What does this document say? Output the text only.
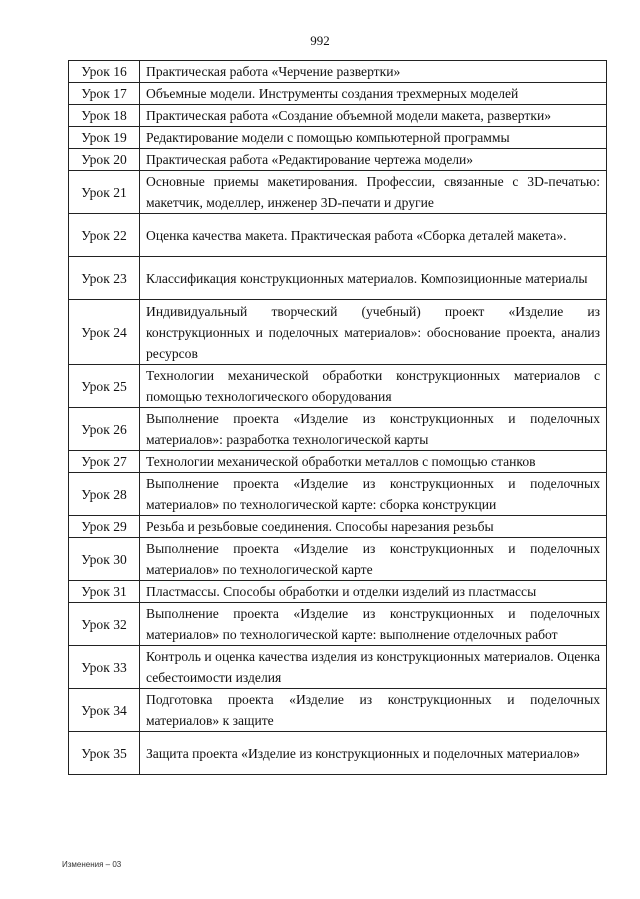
992
Урок 16	Практическая работа «Черчение развертки»
Урок 17	Объемные модели. Инструменты создания трехмерных моделей
Урок 18	Практическая работа «Создание объемной модели макета, развертки»
Урок 19	Редактирование модели с помощью компьютерной программы
Урок 20	Практическая работа «Редактирование чертежа модели»
Урок 21	Основные приемы макетирования. Профессии, связанные с 3D-печатью: макетчик, моделлер, инженер 3D-печати и другие
Урок 22	Оценка качества макета. Практическая работа «Сборка деталей макета».
Урок 23	Классификация конструкционных материалов. Композиционные материалы
Урок 24	Индивидуальный творческий (учебный) проект «Изделие из конструкционных и поделочных материалов»: обоснование проекта, анализ ресурсов
Урок 25	Технологии механической обработки конструкционных материалов с помощью технологического оборудования
Урок 26	Выполнение проекта «Изделие из конструкционных и поделочных материалов»: разработка технологической карты
Урок 27	Технологии механической обработки металлов с помощью станков
Урок 28	Выполнение проекта «Изделие из конструкционных и поделочных материалов» по технологической карте: сборка конструкции
Урок 29	Резьба и резьбовые соединения. Способы нарезания резьбы
Урок 30	Выполнение проекта «Изделие из конструкционных и поделочных материалов» по технологической карте
Урок 31	Пластмассы. Способы обработки и отделки изделий из пластмассы
Урок 32	Выполнение проекта «Изделие из конструкционных и поделочных материалов» по технологической карте: выполнение отделочных работ
Урок 33	Контроль и оценка качества изделия из конструкционных материалов. Оценка себестоимости изделия
Урок 34	Подготовка проекта «Изделие из конструкционных и поделочных материалов» к защите
Урок 35	Защита проекта «Изделие из конструкционных и поделочных материалов»
Изменения – 03
